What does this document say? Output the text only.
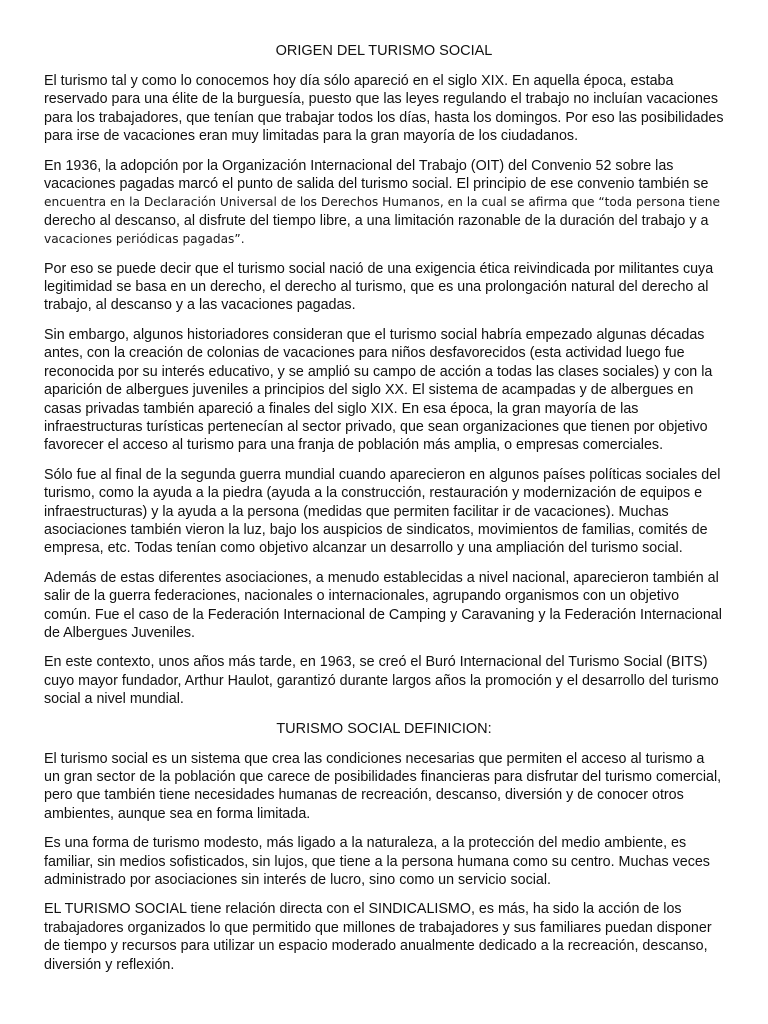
ORIGEN DEL TURISMO SOCIAL

El turismo tal y como lo conocemos hoy día sólo apareció en el siglo XIX. En aquella época, estaba reservado para una élite de la burguesía, puesto que las leyes regulando el trabajo no incluían vacaciones para los trabajadores, que tenían que trabajar todos los días, hasta los domingos. Por eso las posibilidades para irse de vacaciones eran muy limitadas para la gran mayoría de los ciudadanos.

En 1936, la adopción por la Organización Internacional del Trabajo (OIT) del Convenio 52 sobre las vacaciones pagadas marcó el punto de salida del turismo social. El principio de ese convenio también se encuentra en la Declaración Universal de los Derechos Humanos, en la cual se afirma que “toda persona tiene derecho al descanso, al disfrute del tiempo libre, a una limitación razonable de la duración del trabajo y a vacaciones periódicas pagadas”.

Por eso se puede decir que el turismo social nació de una exigencia ética reivindicada por militantes cuya legitimidad se basa en un derecho, el derecho al turismo, que es una prolongación natural del derecho al trabajo, al descanso y a las vacaciones pagadas.

Sin embargo, algunos historiadores consideran que el turismo social habría empezado algunas décadas antes, con la creación de colonias de vacaciones para niños desfavorecidos (esta actividad luego fue reconocida por su interés educativo, y se amplió su campo de acción a todas las clases sociales) y con la aparición de albergues juveniles a principios del siglo XX. El sistema de acampadas y de albergues en casas privadas también apareció a finales del siglo XIX. En esa época, la gran mayoría de las infraestructuras turísticas pertenecían al sector privado, que sean organizaciones que tienen por objetivo favorecer el acceso al turismo para una franja de población más amplia, o empresas comerciales.

Sólo fue al final de la segunda guerra mundial cuando aparecieron en algunos países políticas sociales del turismo, como la ayuda a la piedra (ayuda a la construcción, restauración y modernización de equipos e infraestructuras) y la ayuda a la persona (medidas que permiten facilitar ir de vacaciones). Muchas asociaciones también vieron la luz, bajo los auspicios de sindicatos, movimientos de familias, comités de empresa, etc. Todas tenían como objetivo alcanzar un desarrollo y una ampliación del turismo social.

Además de estas diferentes asociaciones, a menudo establecidas a nivel nacional, aparecieron también al salir de la guerra federaciones, nacionales o internacionales, agrupando organismos con un objetivo común. Fue el caso de la Federación Internacional de Camping y Caravaning y la Federación Internacional de Albergues Juveniles.

En este contexto, unos años más tarde, en 1963, se creó el Buró Internacional del Turismo Social (BITS) cuyo mayor fundador, Arthur Haulot, garantizó durante largos años la promoción y el desarrollo del turismo social a nivel mundial.

TURISMO SOCIAL DEFINICION:

El turismo social es un sistema que crea las condiciones necesarias que permiten el acceso al turismo a un gran sector de la población que carece de posibilidades financieras para disfrutar del turismo comercial, pero que también tiene necesidades humanas de recreación, descanso, diversión y de conocer otros ambientes, aunque sea en forma limitada.

Es una forma de turismo modesto, más ligado a la naturaleza, a la protección del medio ambiente, es familiar, sin medios sofisticados, sin lujos, que tiene a la persona humana como su centro. Muchas veces administrado por asociaciones sin interés de lucro, sino como un servicio social.

EL TURISMO SOCIAL tiene relación directa con el SINDICALISMO, es más, ha sido la acción de los trabajadores organizados lo que permitido que millones de trabajadores y sus familiares puedan disponer de tiempo y recursos para utilizar un espacio moderado anualmente dedicado a la recreación, descanso, diversión y reflexión.
